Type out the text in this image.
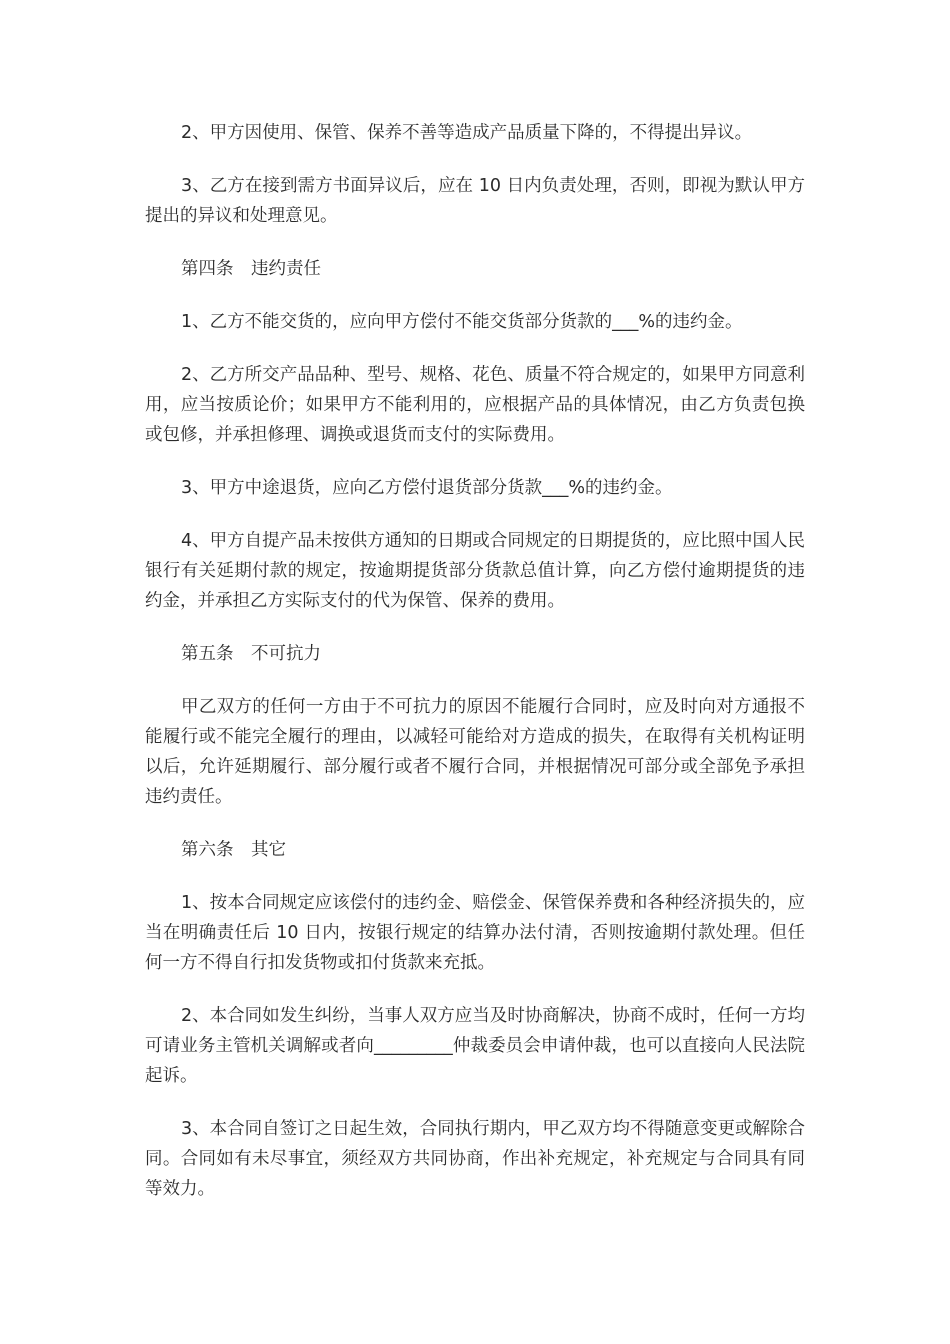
2、甲方因使用、保管、保养不善等造成产品质量下降的，不得提出异议。

3、乙方在接到需方书面异议后，应在 10 日内负责处理，否则，即视为默认甲方提出的异议和处理意见。

第四条　违约责任

1、乙方不能交货的，应向甲方偿付不能交货部分货款的___%的违约金。

2、乙方所交产品品种、型号、规格、花色、质量不符合规定的，如果甲方同意利用，应当按质论价；如果甲方不能利用的，应根据产品的具体情况，由乙方负责包换或包修，并承担修理、调换或退货而支付的实际费用。

3、甲方中途退货，应向乙方偿付退货部分货款___%的违约金。

4、甲方自提产品未按供方通知的日期或合同规定的日期提货的，应比照中国人民银行有关延期付款的规定，按逾期提货部分货款总值计算，向乙方偿付逾期提货的违约金，并承担乙方实际支付的代为保管、保养的费用。

第五条　不可抗力

甲乙双方的任何一方由于不可抗力的原因不能履行合同时，应及时向对方通报不能履行或不能完全履行的理由，以减轻可能给对方造成的损失，在取得有关机构证明以后，允许延期履行、部分履行或者不履行合同，并根据情况可部分或全部免予承担违约责任。

第六条　其它

1、按本合同规定应该偿付的违约金、赔偿金、保管保养费和各种经济损失的，应当在明确责任后 10 日内，按银行规定的结算办法付清，否则按逾期付款处理。但任何一方不得自行扣发货物或扣付货款来充抵。

2、本合同如发生纠纷，当事人双方应当及时协商解决，协商不成时，任何一方均可请业务主管机关调解或者向_________仲裁委员会申请仲裁，也可以直接向人民法院起诉。

3、本合同自签订之日起生效，合同执行期内，甲乙双方均不得随意变更或解除合同。合同如有未尽事宜，须经双方共同协商，作出补充规定，补充规定与合同具有同等效力。
